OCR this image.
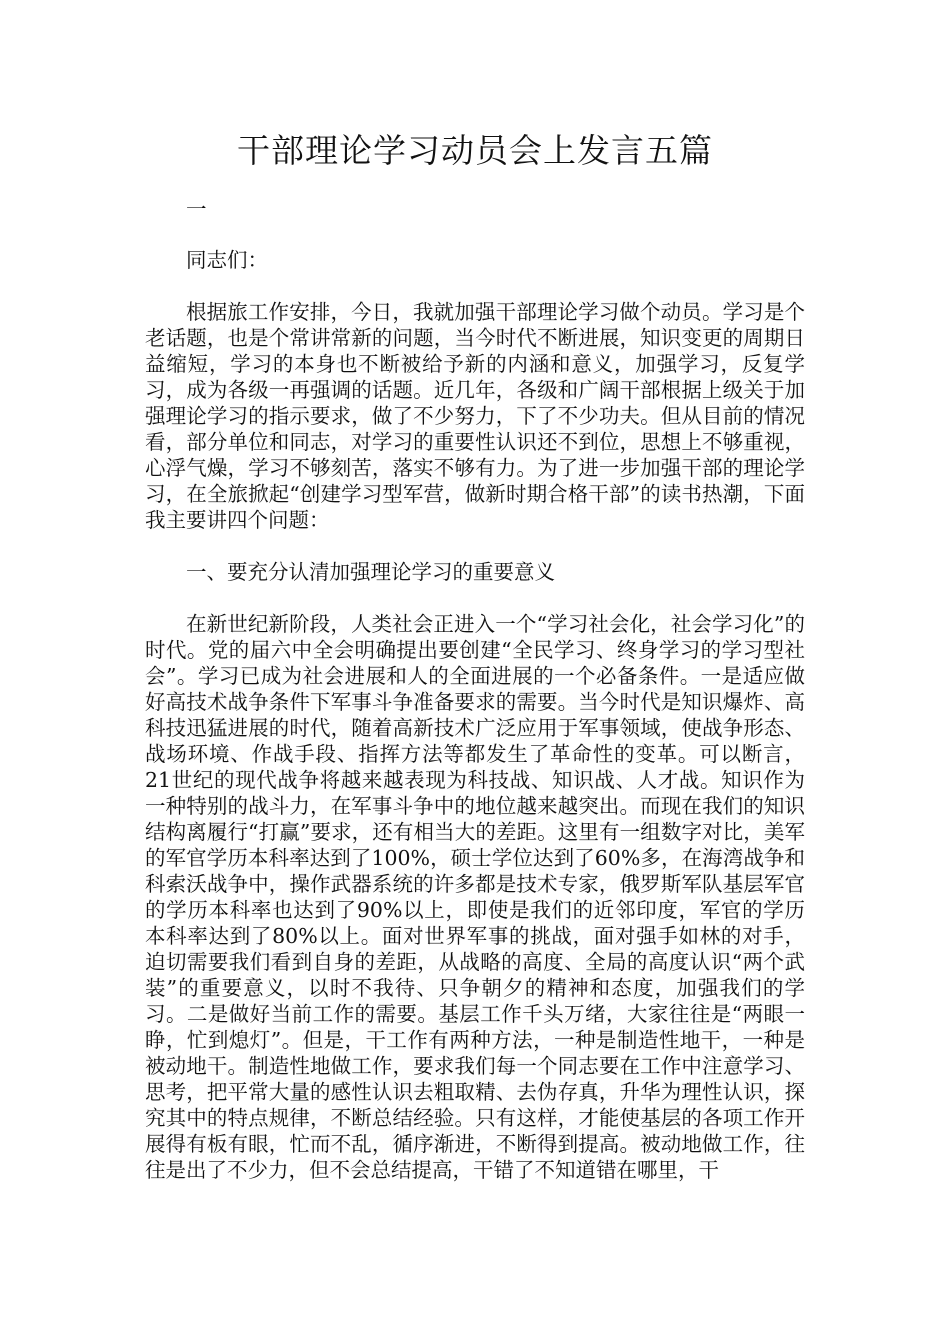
干部理论学习动员会上发言五篇

一

同志们：

根据旅工作安排，今日，我就加强干部理论学习做个动员。学习是个老话题，也是个常讲常新的问题，当今时代不断进展，知识变更的周期日益缩短，学习的本身也不断被给予新的内涵和意义，加强学习，反复学习，成为各级一再强调的话题。近几年，各级和广阔干部根据上级关于加强理论学习的指示要求，做了不少努力，下了不少功夫。但从目前的情况看，部分单位和同志，对学习的重要性认识还不到位，思想上不够重视，心浮气燥，学习不够刻苦，落实不够有力。为了进一步加强干部的理论学习，在全旅掀起“创建学习型军营，做新时期合格干部”的读书热潮，下面我主要讲四个问题：

一、要充分认清加强理论学习的重要意义

在新世纪新阶段，人类社会正进入一个“学习社会化，社会学习化”的时代。党的届六中全会明确提出要创建“全民学习、终身学习的学习型社会”。学习已成为社会进展和人的全面进展的一个必备条件。一是适应做好高技术战争条件下军事斗争准备要求的需要。当今时代是知识爆炸、高科技迅猛进展的时代，随着高新技术广泛应用于军事领域，使战争形态、战场环境、作战手段、指挥方法等都发生了革命性的变革。可以断言，21世纪的现代战争将越来越表现为科技战、知识战、人才战。知识作为一种特别的战斗力，在军事斗争中的地位越来越突出。而现在我们的知识结构离履行“打赢”要求，还有相当大的差距。这里有一组数字对比，美军的军官学历本科率达到了100%，硕士学位达到了60%多，在海湾战争和科索沃战争中，操作武器系统的许多都是技术专家，俄罗斯军队基层军官的学历本科率也达到了90%以上，即使是我们的近邻印度，军官的学历本科率达到了80%以上。面对世界军事的挑战，面对强手如林的对手，迫切需要我们看到自身的差距，从战略的高度、全局的高度认识“两个武装”的重要意义，以时不我待、只争朝夕的精神和态度，加强我们的学习。二是做好当前工作的需要。基层工作千头万绪，大家往往是“两眼一睁，忙到熄灯”。但是，干工作有两种方法，一种是制造性地干，一种是被动地干。制造性地做工作，要求我们每一个同志要在工作中注意学习、思考，把平常大量的感性认识去粗取精、去伪存真，升华为理性认识，探究其中的特点规律，不断总结经验。只有这样，才能使基层的各项工作开展得有板有眼，忙而不乱，循序渐进，不断得到提高。被动地做工作，往往是出了不少力，但不会总结提高，干错了不知道错在哪里，干
